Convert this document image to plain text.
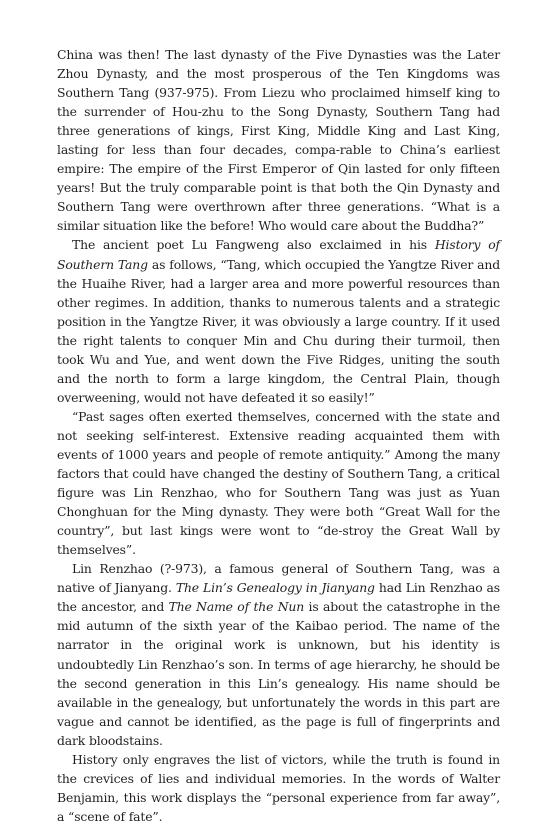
China was then! The last dynasty of the Five Dynasties was the Later Zhou Dynasty, and the most prosperous of the Ten Kingdoms was Southern Tang (937-975). From Liezu who proclaimed himself king to the surrender of Hou-zhu to the Song Dynasty, Southern Tang had three generations of kings, First King, Middle King and Last King, lasting for less than four decades, compa-rable to China’s earliest empire: The empire of the First Emperor of Qin lasted for only fifteen years! But the truly comparable point is that both the Qin Dynasty and Southern Tang were overthrown after three generations. “What is a similar situation like the before! Who would care about the Buddha?”

The ancient poet Lu Fangweng also exclaimed in his History of Southern Tang as follows, “Tang, which occupied the Yangtze River and the Huaihe River, had a larger area and more powerful resources than other regimes. In addition, thanks to numerous talents and a strategic position in the Yangtze River, it was obviously a large country. If it used the right talents to conquer Min and Chu during their turmoil, then took Wu and Yue, and went down the Five Ridges, uniting the south and the north to form a large kingdom, the Central Plain, though overweening, would not have defeated it so easily!”

“Past sages often exerted themselves, concerned with the state and not seeking self-interest. Extensive reading acquainted them with events of 1000 years and people of remote antiquity.” Among the many factors that could have changed the destiny of Southern Tang, a critical figure was Lin Renzhao, who for Southern Tang was just as Yuan Chonghuan for the Ming dynasty. They were both “Great Wall for the country”, but last kings were wont to “de-stroy the Great Wall by themselves”.

Lin Renzhao (?-973), a famous general of Southern Tang, was a native of Jianyang. The Lin’s Genealogy in Jianyang had Lin Renzhao as the ancestor, and The Name of the Nun is about the catastrophe in the mid autumn of the sixth year of the Kaibao period. The name of the narrator in the original work is unknown, but his identity is undoubtedly Lin Renzhao’s son. In terms of age hierarchy, he should be the second generation in this Lin’s genealogy. His name should be available in the genealogy, but unfortunately the words in this part are vague and cannot be identified, as the page is full of fingerprints and dark bloodstains.

History only engraves the list of victors, while the truth is found in the crevices of lies and individual memories. In the words of Walter Benjamin, this work displays the “personal experience from far away”, a “scene of fate”.
